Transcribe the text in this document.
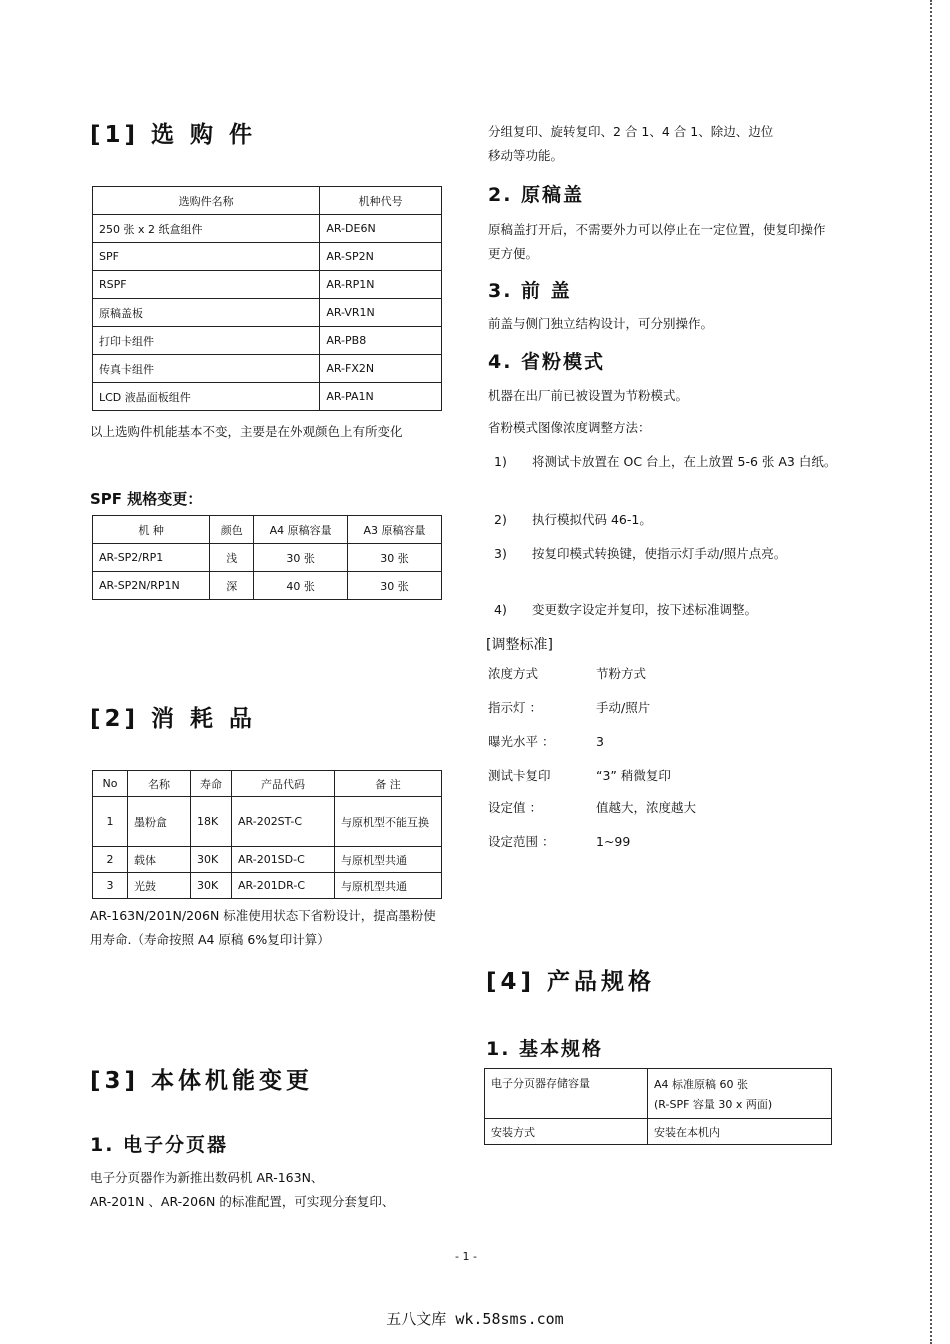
[1] 选 购 件
选购件名称	机种代号
250 张 x 2 纸盒组件	AR-DE6N
SPF	AR-SP2N
RSPF	AR-RP1N
原稿盖板	AR-VR1N
打印卡组件	AR-PB8
传真卡组件	AR-FX2N
LCD 液晶面板组件	AR-PA1N
以上选购件机能基本不变，主要是在外观颜色上有所变化
SPF 规格变更：
机 种	颜色	A4 原稿容量	A3 原稿容量
AR-SP2/RP1	浅	30 张	30 张
AR-SP2N/RP1N	深	40 张	30 张
[2] 消 耗 品
No	名称	寿命	产品代码	备 注
1	墨粉盒	18K	AR-202ST-C	与原机型不能互换
2	载体	30K	AR-201SD-C	与原机型共通
3	光鼓	30K	AR-201DR-C	与原机型共通
AR-163N/201N/206N 标准使用状态下省粉设计，提高墨粉使用寿命.（寿命按照 A4 原稿 6%复印计算）
[3] 本体机能变更
1. 电子分页器
电子分页器作为新推出数码机 AR-163N、
AR-201N 、AR-206N 的标准配置，可实现分套复印、
分组复印、旋转复印、2 合 1、4 合 1、除边、边位
移动等功能。
2. 原稿盖
原稿盖打开后，不需要外力可以停止在一定位置，使复印操作更方便。
3. 前 盖
前盖与侧门独立结构设计，可分别操作。
4. 省粉模式
机器在出厂前已被设置为节粉模式。
省粉模式图像浓度调整方法：
1) 将测试卡放置在 OC 台上，在上放置 5-6 张 A3 白纸。
2) 执行模拟代码 46-1。
3) 按复印模式转换键，使指示灯手动/照片点亮。
4) 变更数字设定并复印，按下述标准调整。
[调整标准]
浓度方式	节粉方式
指示灯 ：	手动/照片
曝光水平 ：	3
测试卡复印	“3” 稍微复印
设定值 ：	值越大，浓度越大
设定范围 ：	1~99
[4] 产品规格
1. 基本规格
电子分页器存储容量	A4 标准原稿 60 张
(R-SPF 容量 30 x 两面)

安装方式	安装在本机内
- 1 -
五八文库 wk.58sms.com
